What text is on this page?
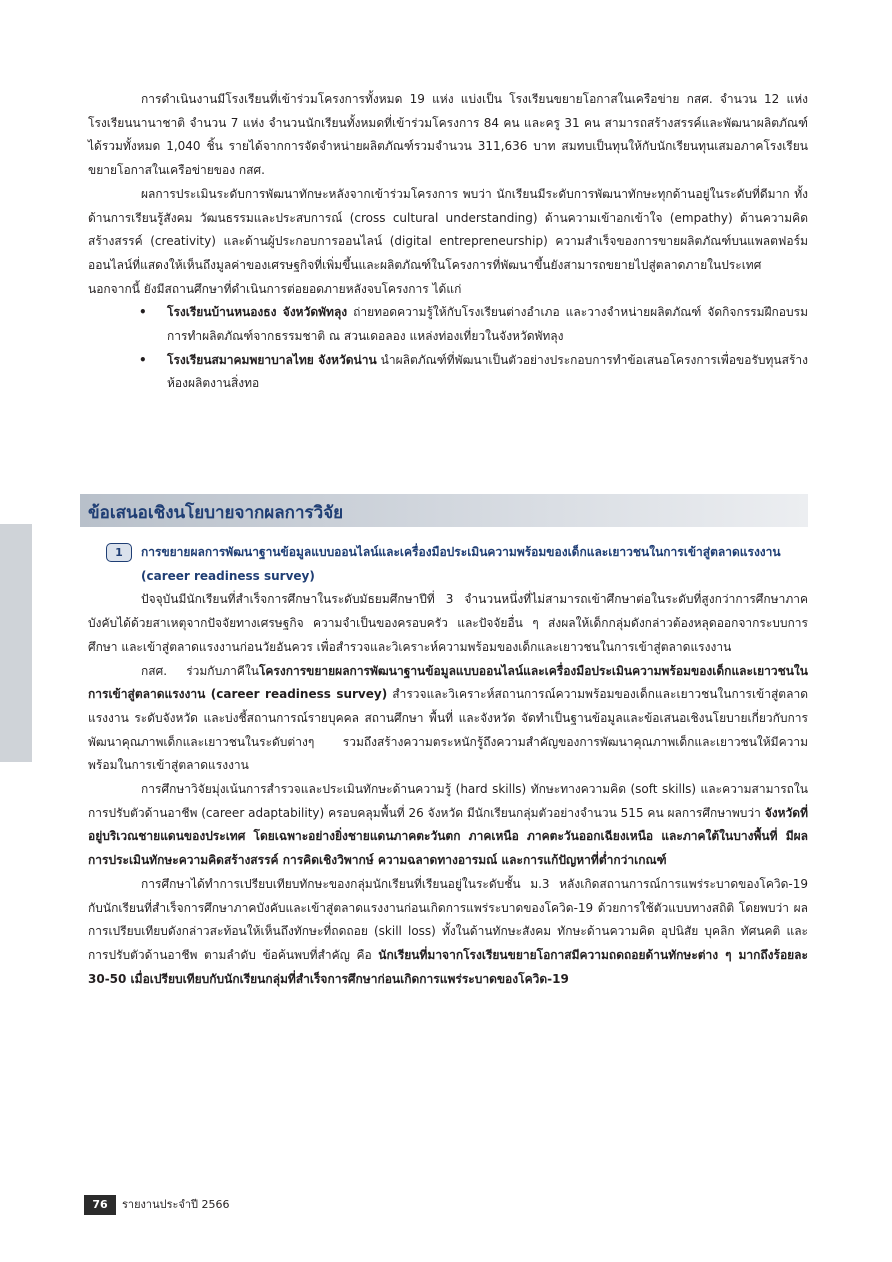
การดำเนินงานมีโรงเรียนที่เข้าร่วมโครงการทั้งหมด 19 แห่ง แบ่งเป็น โรงเรียนขยายโอกาสในเครือข่าย กสศ. จำนวน 12 แห่ง โรงเรียนนานาชาติ จำนวน 7 แห่ง จำนวนนักเรียนทั้งหมดที่เข้าร่วมโครงการ 84 คน และครู 31 คน สามารถสร้างสรรค์และพัฒนาผลิตภัณฑ์ได้รวมทั้งหมด 1,040 ชิ้น รายได้จากการจัดจำหน่ายผลิตภัณฑ์รวมจำนวน 311,636 บาท สมทบเป็นทุนให้กับนักเรียนทุนเสมอภาคโรงเรียนขยายโอกาสในเครือข่ายของ กสศ.

ผลการประเมินระดับการพัฒนาทักษะหลังจากเข้าร่วมโครงการ พบว่า นักเรียนมีระดับการพัฒนาทักษะทุกด้านอยู่ในระดับที่ดีมาก ทั้งด้านการเรียนรู้สังคม วัฒนธรรมและประสบการณ์ (cross cultural understanding) ด้านความเข้าอกเข้าใจ (empathy) ด้านความคิดสร้างสรรค์ (creativity) และด้านผู้ประกอบการออนไลน์ (digital entrepreneurship) ความสำเร็จของการขายผลิตภัณฑ์บนแพลตฟอร์มออนไลน์ที่แสดงให้เห็นถึงมูลค่าของเศรษฐกิจที่เพิ่มขึ้นและผลิตภัณฑ์ในโครงการที่พัฒนาขึ้นยังสามารถขยายไปสู่ตลาดภายในประเทศ นอกจากนี้ ยังมีสถานศึกษาที่ดำเนินการต่อยอดภายหลังจบโครงการ ได้แก่

• โรงเรียนบ้านหนองธง จังหวัดพัทลุง ถ่ายทอดความรู้ให้กับโรงเรียนต่างอำเภอ และวางจำหน่ายผลิตภัณฑ์ จัดกิจกรรมฝึกอบรมการทำผลิตภัณฑ์จากธรรมชาติ ณ สวนเดอลอง แหล่งท่องเที่ยวในจังหวัดพัทลุง
• โรงเรียนสมาคมพยาบาลไทย จังหวัดน่าน นำผลิตภัณฑ์ที่พัฒนาเป็นตัวอย่างประกอบการทำข้อเสนอโครงการเพื่อขอรับทุนสร้างห้องผลิตงานสิ่งทอ
ข้อเสนอเชิงนโยบายจากผลการวิจัย
1	การขยายผลการพัฒนาฐานข้อมูลแบบออนไลน์และเครื่องมือประเมินความพร้อมของเด็กและเยาวชนในการเข้าสู่ตลาดแรงงาน (career readiness survey)

ปัจจุบันมีนักเรียนที่สำเร็จการศึกษาในระดับมัธยมศึกษาปีที่ 3 จำนวนหนึ่งที่ไม่สามารถเข้าศึกษาต่อในระดับที่สูงกว่าการศึกษาภาคบังคับได้ด้วยสาเหตุจากปัจจัยทางเศรษฐกิจ ความจำเป็นของครอบครัว และปัจจัยอื่น ๆ ส่งผลให้เด็กกลุ่มดังกล่าวต้องหลุดออกจากระบบการศึกษา และเข้าสู่ตลาดแรงงานก่อนวัยอันควร เพื่อสำรวจและวิเคราะห์ความพร้อมของเด็กและเยาวชนในการเข้าสู่ตลาดแรงงาน

กสศ. ร่วมกับภาคีในโครงการขยายผลการพัฒนาฐานข้อมูลแบบออนไลน์และเครื่องมือประเมินความพร้อมของเด็กและเยาวชนในการเข้าสู่ตลาดแรงงาน (career readiness survey) สำรวจและวิเคราะห์สถานการณ์ความพร้อมของเด็กและเยาวชนในการเข้าสู่ตลาดแรงงาน ระดับจังหวัด และบ่งชี้สถานการณ์รายบุคคล สถานศึกษา พื้นที่ และจังหวัด จัดทำเป็นฐานข้อมูลและข้อเสนอเชิงนโยบายเกี่ยวกับการพัฒนาคุณภาพเด็กและเยาวชนในระดับต่างๆ รวมถึงสร้างความตระหนักรู้ถึงความสำคัญของการพัฒนาคุณภาพเด็กและเยาวชนให้มีความพร้อมในการเข้าสู่ตลาดแรงงาน

การศึกษาวิจัยมุ่งเน้นการสำรวจและประเมินทักษะด้านความรู้ (hard skills) ทักษะทางความคิด (soft skills) และความสามารถในการปรับตัวด้านอาชีพ (career adaptability) ครอบคลุมพื้นที่ 26 จังหวัด มีนักเรียนกลุ่มตัวอย่างจำนวน 515 คน ผลการศึกษาพบว่า จังหวัดที่อยู่บริเวณชายแดนของประเทศ โดยเฉพาะอย่างยิ่งชายแดนภาคตะวันตก ภาคเหนือ ภาคตะวันออกเฉียงเหนือ และภาคใต้ในบางพื้นที่ มีผลการประเมินทักษะความคิดสร้างสรรค์ การคิดเชิงวิพากษ์ ความฉลาดทางอารมณ์ และการแก้ปัญหาที่ต่ำกว่าเกณฑ์

การศึกษาได้ทำการเปรียบเทียบทักษะของกลุ่มนักเรียนที่เรียนอยู่ในระดับชั้น ม.3 หลังเกิดสถานการณ์การแพร่ระบาดของโควิด-19 กับนักเรียนที่สำเร็จการศึกษาภาคบังคับและเข้าสู่ตลาดแรงงานก่อนเกิดการแพร่ระบาดของโควิด-19 ด้วยการใช้ตัวแบบทางสถิติ โดยพบว่า ผลการเปรียบเทียบดังกล่าวสะท้อนให้เห็นถึงทักษะที่ถดถอย (skill loss) ทั้งในด้านทักษะสังคม ทักษะด้านความคิด อุปนิสัย บุคลิก ทัศนคติ และการปรับตัวด้านอาชีพ ตามลำดับ ข้อค้นพบที่สำคัญ คือ นักเรียนที่มาจากโรงเรียนขยายโอกาสมีความถดถอยด้านทักษะต่าง ๆ มากถึงร้อยละ 30-50 เมื่อเปรียบเทียบกับนักเรียนกลุ่มที่สำเร็จการศึกษาก่อนเกิดการแพร่ระบาดของโควิด-19

76	รายงานประจำปี 2566
